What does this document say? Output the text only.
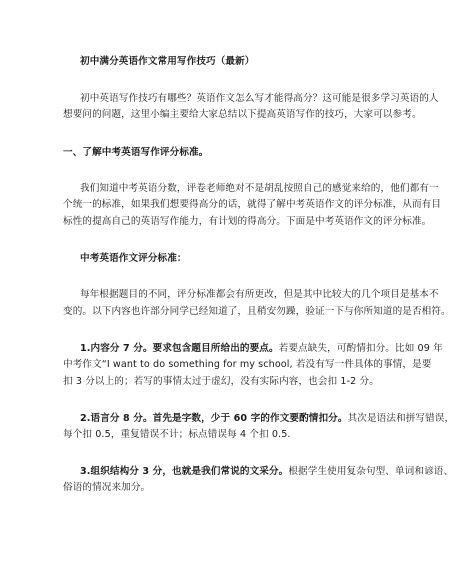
初中满分英语作文常用写作技巧（最新）
初中英语写作技巧有哪些？英语作文怎么写才能得高分？这可能是很多学习英语的人
想要问的问题，这里小编主要给大家总结以下提高英语写作的技巧，大家可以参考。
一、了解中考英语写作评分标准。
我们知道中考英语分数，评卷老师绝对不是胡乱按照自己的感觉来给的，他们都有一
个统一的标准，如果我们想要得高分的话，就得了解中考英语作文的评分标准，从而有目
标性的提高自己的英语写作能力，有计划的得高分。下面是中考英语作文的评分标准。
中考英语作文评分标准：
每年根据题目的不同，评分标准都会有所更改，但是其中比较大的几个项目是基本不
变的。以下内容也许部分同学已经知道了，且稍安勿躁，验证一下与你所知道的是否相符。
1.内容分 7 分。要求包含题目所给出的要点。若要点缺失，可酌情扣分。比如 09 年
中考作文“I want to do something for my school, 若没有写一件具体的事情，是要
扣 3 分以上的；若写的事情太过于虚幻，没有实际内容，也会扣 1-2 分。
2.语言分 8 分。首先是字数，少于 60 字的作文要酌情扣分。其次是语法和拼写错误，
每个扣 0.5，重复错误不计；标点错误每 4 个扣 0.5.
3.组织结构分 3 分，也就是我们常说的文采分。根据学生使用复杂句型、单词和谚语、
俗语的情况来加分。
